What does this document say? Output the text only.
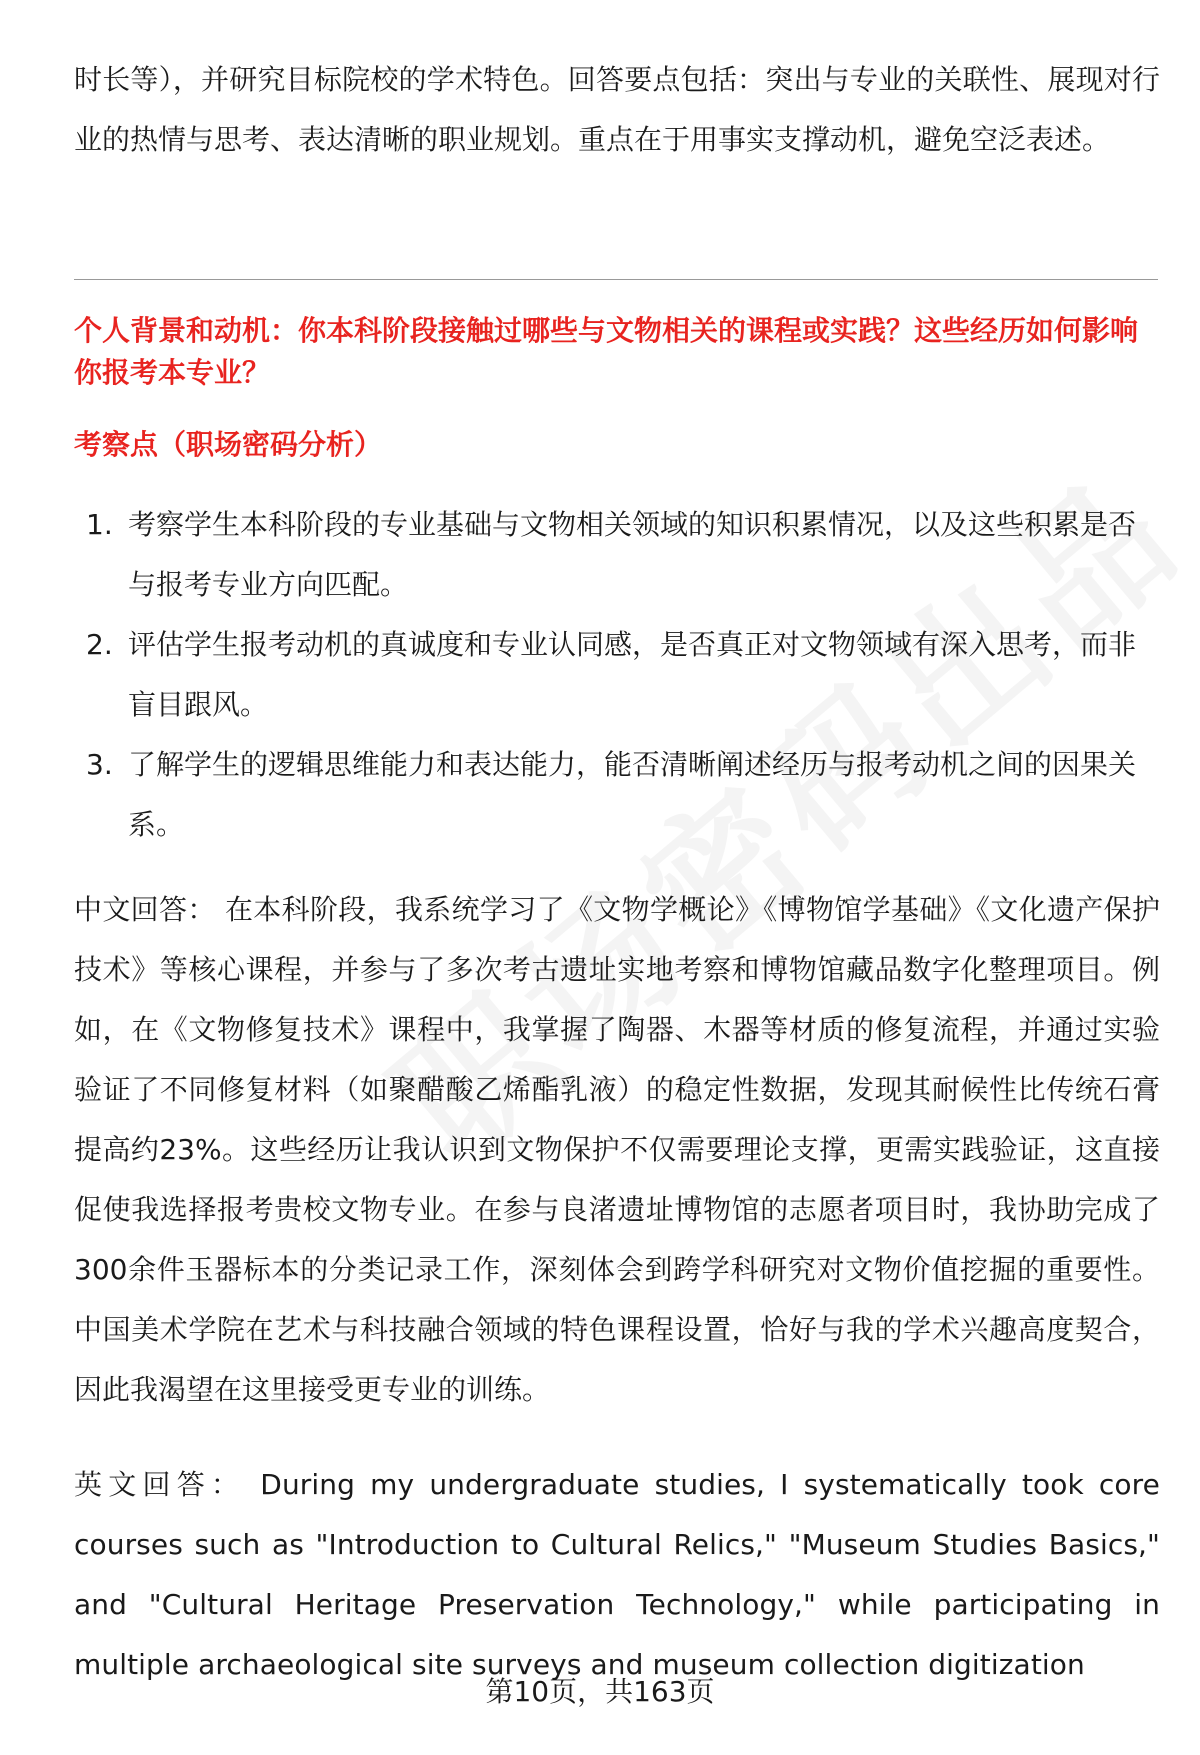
时长等），并研究目标院校的学术特色。回答要点包括：突出与专业的关联性、展现对行业的热情与思考、表达清晰的职业规划。重点在于用事实支撑动机，避免空泛表述。

个人背景和动机：你本科阶段接触过哪些与文物相关的课程或实践？这些经历如何影响你报考本专业？

考察点（职场密码分析）

1. 考察学生本科阶段的专业基础与文物相关领域的知识积累情况，以及这些积累是否与报考专业方向匹配。
2. 评估学生报考动机的真诚度和专业认同感，是否真正对文物领域有深入思考，而非盲目跟风。
3. 了解学生的逻辑思维能力和表达能力，能否清晰阐述经历与报考动机之间的因果关系。

中文回答： 在本科阶段，我系统学习了《文物学概论》《博物馆学基础》《文化遗产保护技术》等核心课程，并参与了多次考古遗址实地考察和博物馆藏品数字化整理项目。例如，在《文物修复技术》课程中，我掌握了陶器、木器等材质的修复流程，并通过实验验证了不同修复材料（如聚醋酸乙烯酯乳液）的稳定性数据，发现其耐候性比传统石膏提高约23%。这些经历让我认识到文物保护不仅需要理论支撑，更需实践验证，这直接促使我选择报考贵校文物专业。在参与良渚遗址博物馆的志愿者项目时，我协助完成了300余件玉器标本的分类记录工作，深刻体会到跨学科研究对文物价值挖掘的重要性。中国美术学院在艺术与科技融合领域的特色课程设置，恰好与我的学术兴趣高度契合，因此我渴望在这里接受更专业的训练。

英文回答： During my undergraduate studies, I systematically took core courses such as "Introduction to Cultural Relics," "Museum Studies Basics," and "Cultural Heritage Preservation Technology," while participating in multiple archaeological site surveys and museum collection digitization

第10页，共163页
